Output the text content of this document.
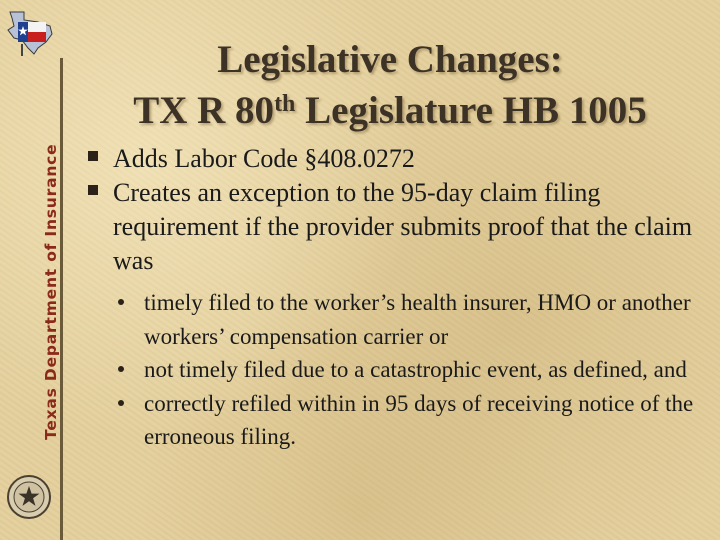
Texas Department of Insurance
Legislative Changes:
TX R 80th Legislature HB 1005
Adds Labor Code §408.0272
Creates an exception to the 95-day claim filing requirement if the provider submits proof that the claim was
timely filed to the worker’s health insurer, HMO or another workers’ compensation carrier or
not timely filed due to a catastrophic event, as defined, and
correctly refiled within in 95 days of receiving notice of the erroneous filing.
